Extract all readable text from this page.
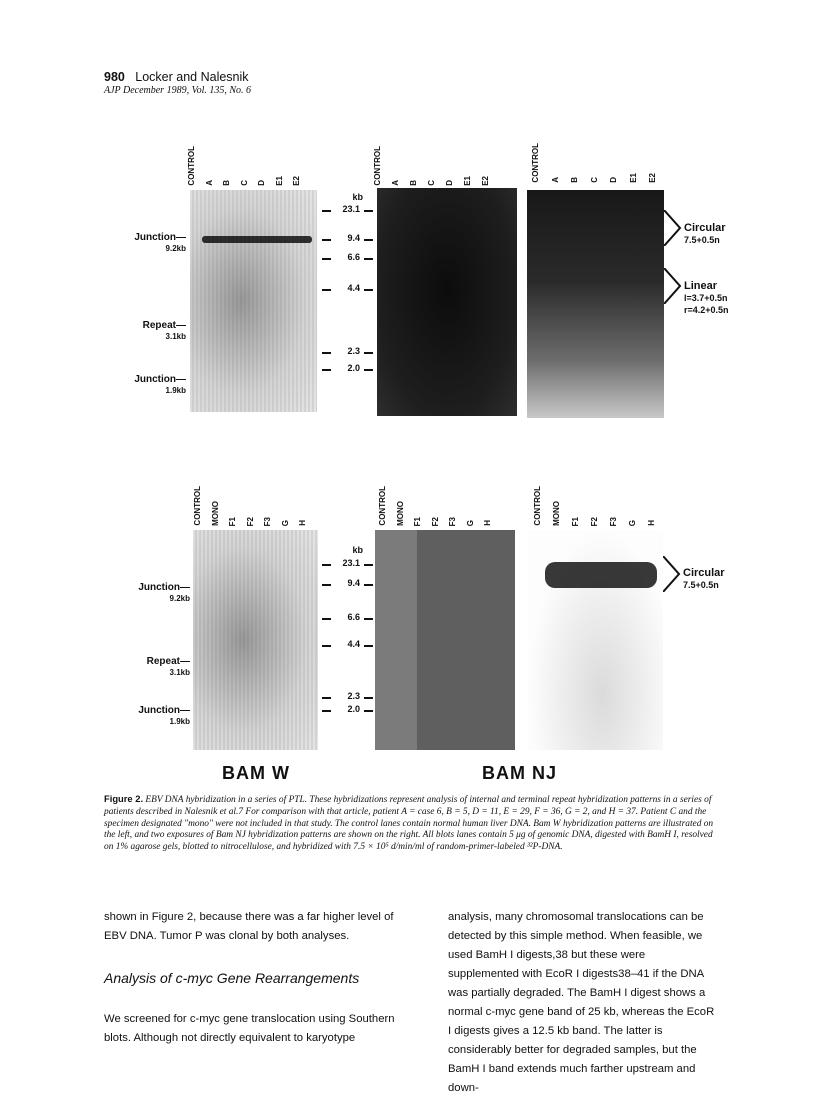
980 Locker and Nalesnik
AJP December 1989, Vol. 135, No. 6
CONTROL A B C D E1 E2	CONTROL A B C D E1 E2	CONTROL A B C D E1 E2
Junction—
9.2kb
Repeat—
3.1kb
Junction—
1.9kb
kb
23.1
9.4
6.6
4.4
2.3
2.0
Circular
7.5+0.5n
Linear
l=3.7+0.5n
r=4.2+0.5n
CONTROL MONO F1 F2 F3 G H	CONTROL MONO F1 F2 F3 G H	CONTROL MONO F1 F2 F3 G H
Junction—
9.2kb
Repeat—
3.1kb
Junction—
1.9kb
kb
23.1
9.4
6.6
4.4
2.3
2.0
Circular
7.5+0.5n
BAM W	BAM NJ
Figure 2. EBV DNA hybridization in a series of PTL. These hybridizations represent analysis of internal and terminal repeat hybridization patterns in a series of patients described in Nalesnik et al.7 For comparison with that article, patient A = case 6, B = 5, D = 11, E = 29, F = 36, G = 2, and H = 37. Patient C and the specimen designated "mono" were not included in that study. The control lanes contain normal human liver DNA. Bam W hybridization patterns are illustrated on the left, and two exposures of Bam NJ hybridization patterns are shown on the right. All blots lanes contain 5 μg of genomic DNA, digested with BamH I, resolved on 1% agarose gels, blotted to nitrocellulose, and hybridized with 7.5 × 10⁵ d/min/ml of random-primer-labeled ³²P-DNA.
shown in Figure 2, because there was a far higher level of EBV DNA. Tumor P was clonal by both analyses.
Analysis of c-myc Gene Rearrangements
We screened for c-myc gene translocation using Southern blots. Although not directly equivalent to karyotype
analysis, many chromosomal translocations can be detected by this simple method. When feasible, we used BamH I digests,38 but these were supplemented with EcoR I digests38–41 if the DNA was partially degraded. The BamH I digest shows a normal c-myc gene band of 25 kb, whereas the EcoR I digests gives a 12.5 kb band. The latter is considerably better for degraded samples, but the BamH I band extends much farther upstream and down-
